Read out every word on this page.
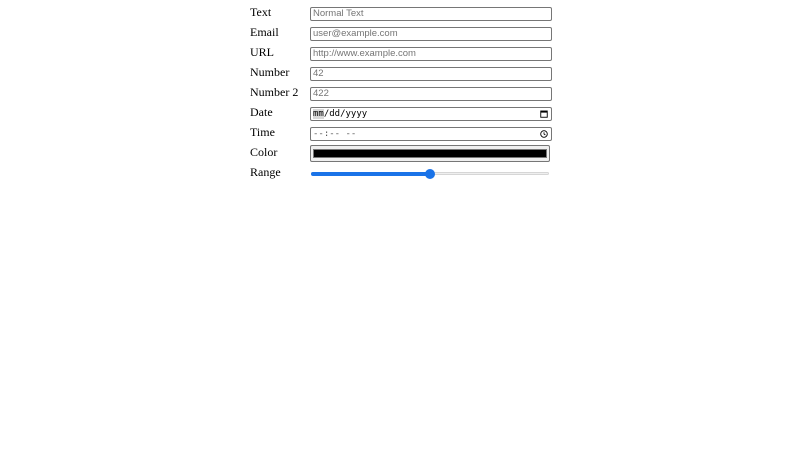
Text	Normal Text
Email	user@example.com
URL	http://www.example.com
Number	42
Number 2	422
Date	mm/dd/yyyy
Time	--:-- --
Color
Range
